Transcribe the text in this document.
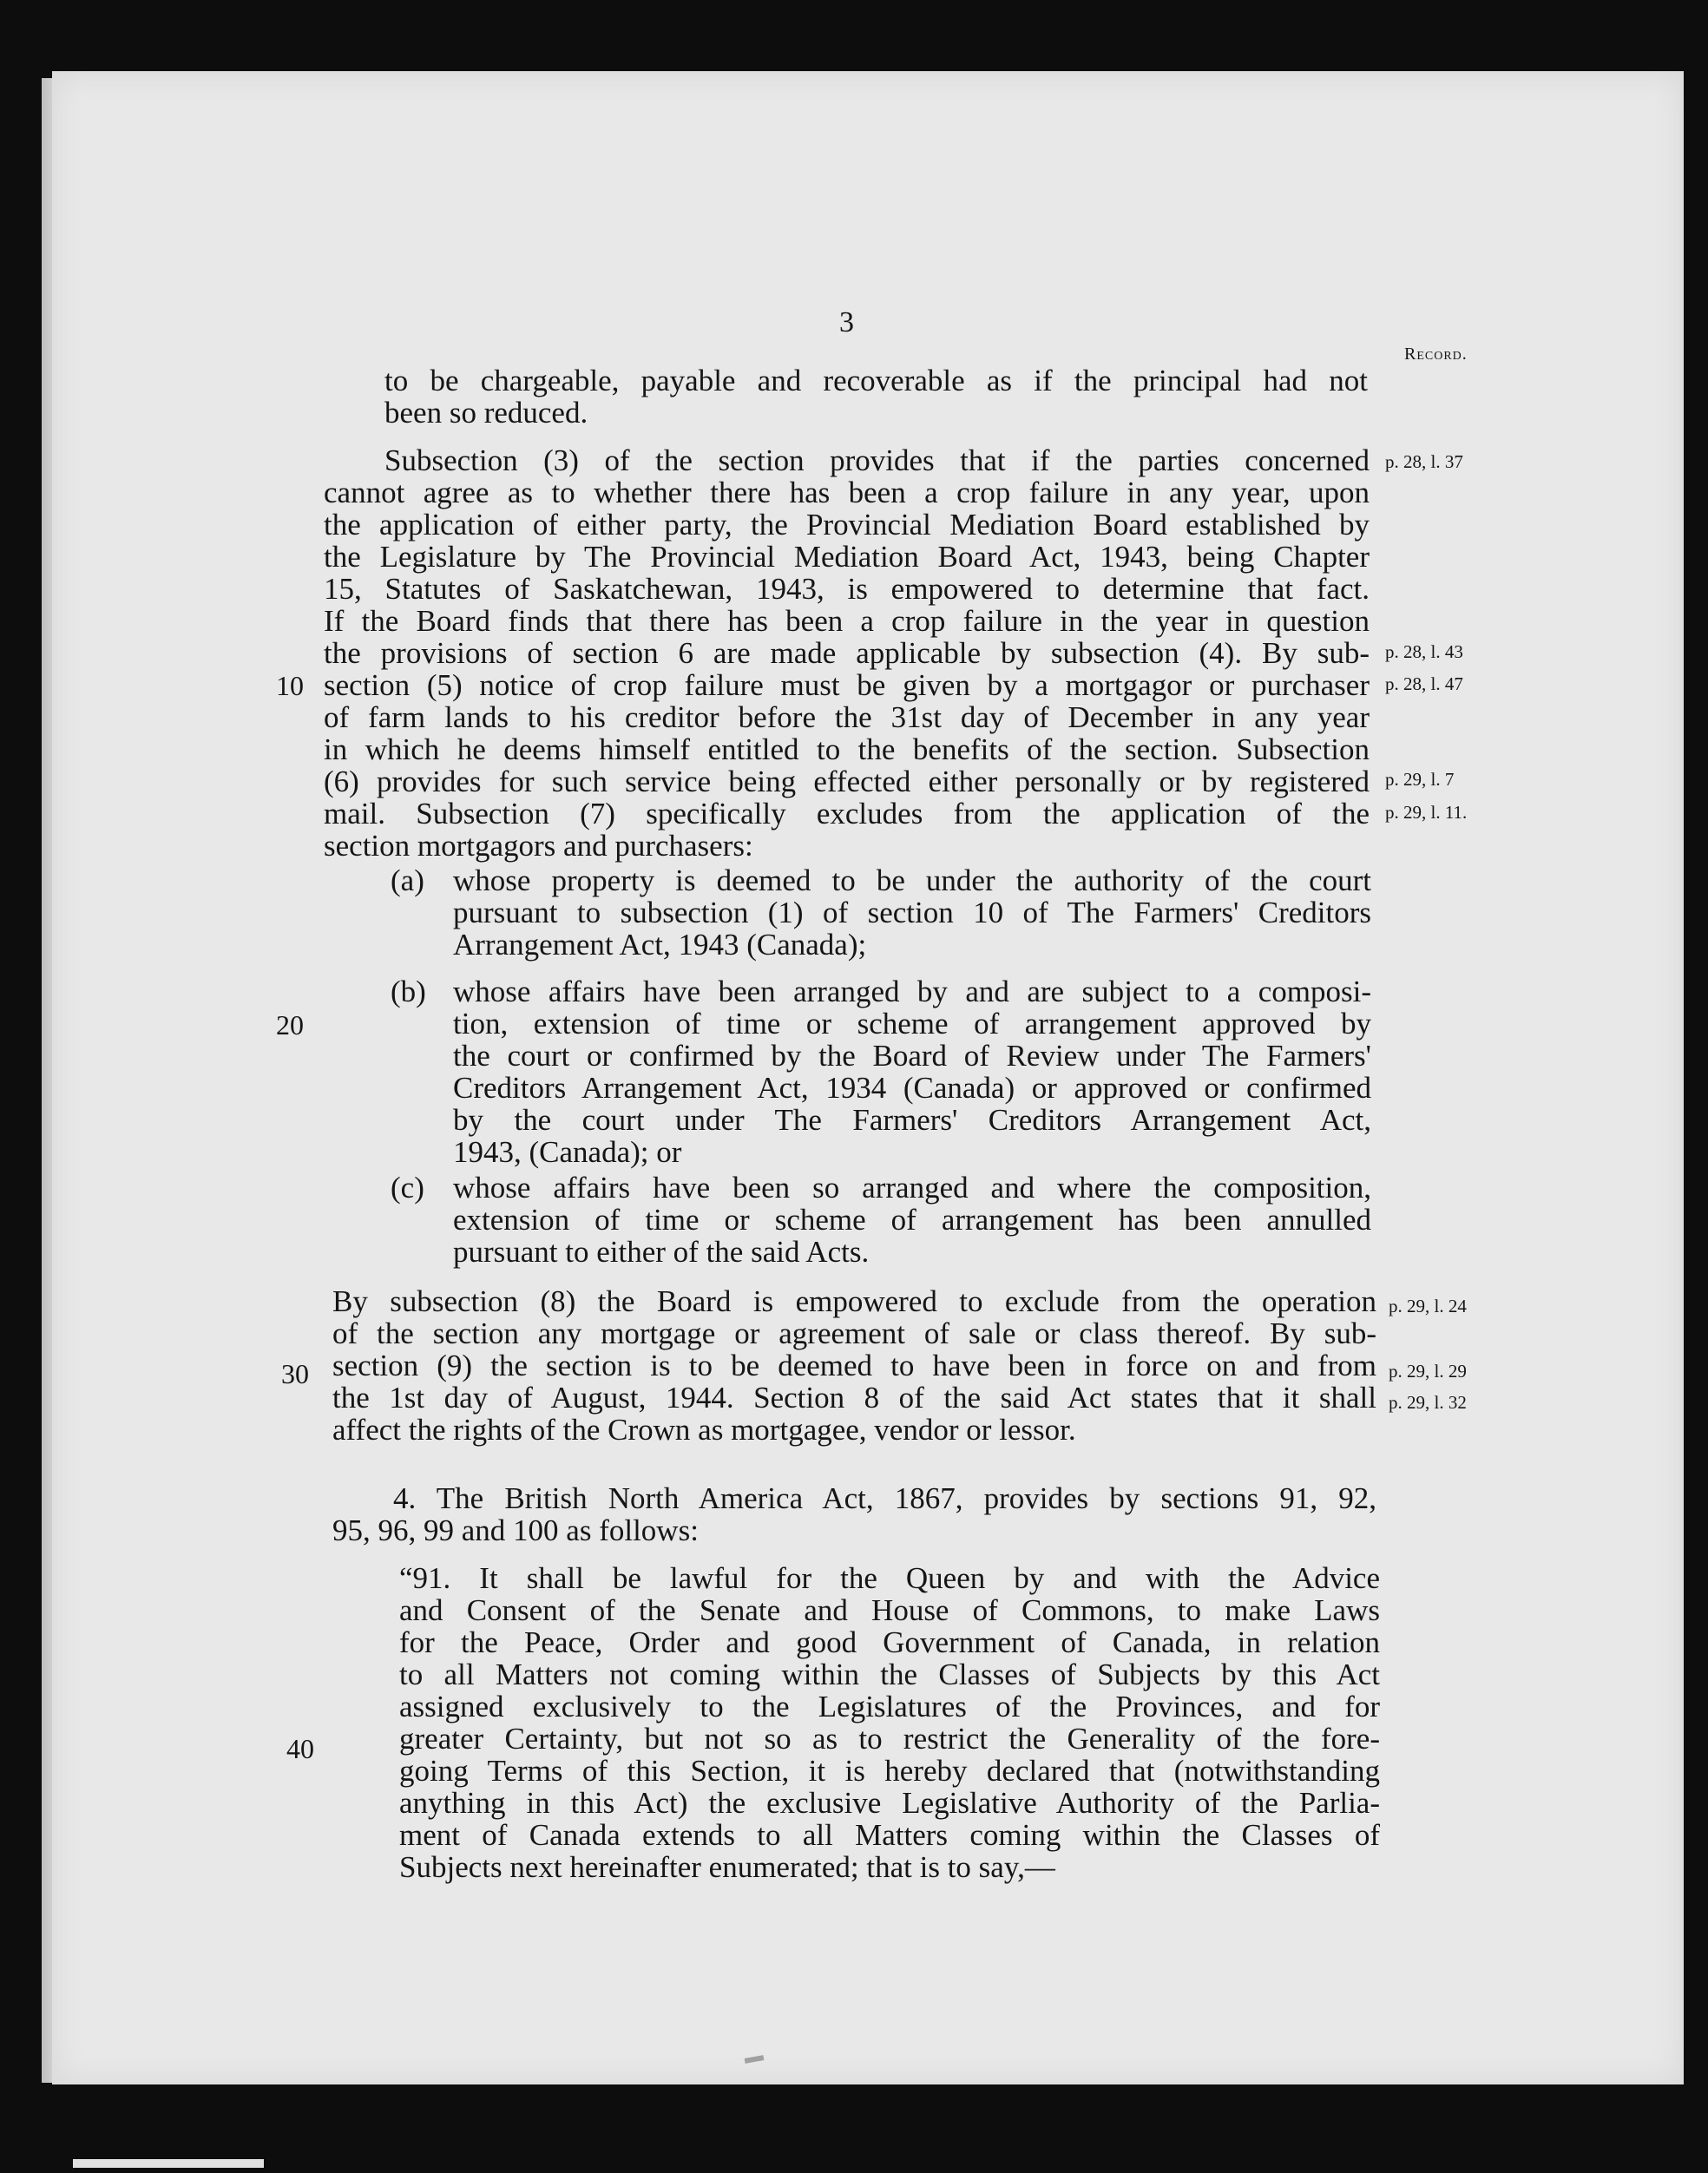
3
Record.
to be chargeable, payable and recoverable as if the principal had not
been so reduced.
Subsection (3) of the section provides that if the parties concerned
cannot agree as to whether there has been a crop failure in any year, upon
the application of either party, the Provincial Mediation Board established by
the Legislature by The Provincial Mediation Board Act, 1943, being Chapter
15, Statutes of Saskatchewan, 1943, is empowered to determine that fact.
If the Board finds that there has been a crop failure in the year in question
the provisions of section 6 are made applicable by subsection (4). By sub-
section (5) notice of crop failure must be given by a mortgagor or purchaser
of farm lands to his creditor before the 31st day of December in any year
in which he deems himself entitled to the benefits of the section. Subsection
(6) provides for such service being effected either personally or by registered
mail. Subsection (7) specifically excludes from the application of the
section mortgagors and purchasers:
(a) whose property is deemed to be under the authority of the court
pursuant to subsection (1) of section 10 of The Farmers' Creditors
Arrangement Act, 1943 (Canada);
(b) whose affairs have been arranged by and are subject to a composi-
tion, extension of time or scheme of arrangement approved by
the court or confirmed by the Board of Review under The Farmers'
Creditors Arrangement Act, 1934 (Canada) or approved or confirmed
by the court under The Farmers' Creditors Arrangement Act,
1943, (Canada); or
(c) whose affairs have been so arranged and where the composition,
extension of time or scheme of arrangement has been annulled
pursuant to either of the said Acts.
By subsection (8) the Board is empowered to exclude from the operation
of the section any mortgage or agreement of sale or class thereof. By sub-
section (9) the section is to be deemed to have been in force on and from
the 1st day of August, 1944. Section 8 of the said Act states that it shall
affect the rights of the Crown as mortgagee, vendor or lessor.
4. The British North America Act, 1867, provides by sections 91, 92,
95, 96, 99 and 100 as follows:
“91. It shall be lawful for the Queen by and with the Advice
and Consent of the Senate and House of Commons, to make Laws
for the Peace, Order and good Government of Canada, in relation
to all Matters not coming within the Classes of Subjects by this Act
assigned exclusively to the Legislatures of the Provinces, and for
greater Certainty, but not so as to restrict the Generality of the fore-
going Terms of this Section, it is hereby declared that (notwithstanding
anything in this Act) the exclusive Legislative Authority of the Parlia-
ment of Canada extends to all Matters coming within the Classes of
Subjects next hereinafter enumerated; that is to say,—
10
20
30
40
p. 28, l. 37
p. 28, l. 43
p. 28, l. 47
p. 29, l. 7
p. 29, l. 11.
p. 29, l. 24
p. 29, l. 29
p. 29, l. 32
